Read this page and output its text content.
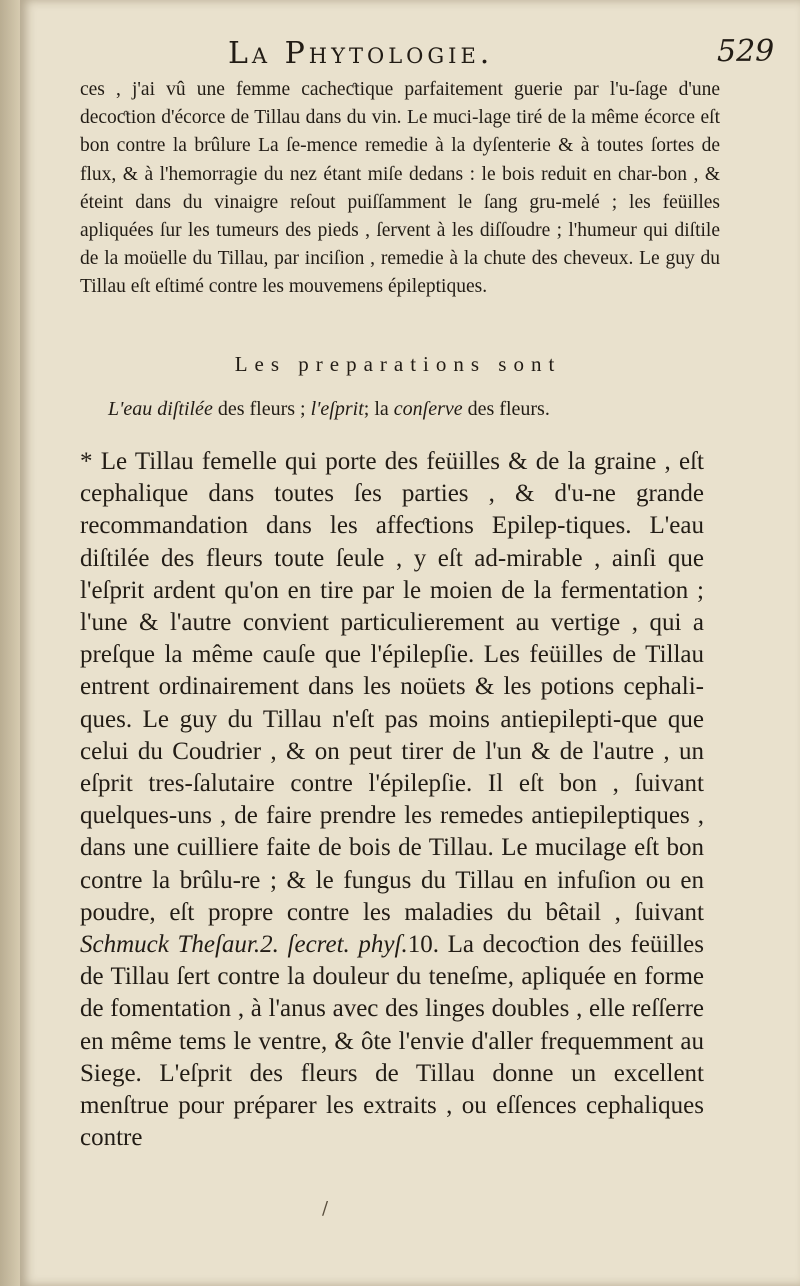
La Phytologie.	529
ces , j'ai vû une femme cacheƈtique parfaitement guerie par l'u-ſage d'une decoƈtion d'écorce de Tillau dans du vin. Le muci-lage tiré de la même écorce eſt bon contre la brûlure La ſe-mence remedie à la dyſenterie & à toutes ſortes de flux, & à l'hemorragie du nez étant miſe dedans : le bois reduit en char-bon , & éteint dans du vinaigre reſout puiſſamment le ſang gru-melé ; les feüilles apliquées ſur les tumeurs des pieds , ſervent à les diſſoudre ; l'humeur qui diſtile de la moüelle du Tillau, par inciſion , remedie à la chute des cheveux. Le guy du Tillau eſt eſtimé contre les mouvemens épileptiques.
Les preparations sont
L'eau diſtilée des fleurs ; l'eſprit; la conſerve des fleurs.
* Le Tillau femelle qui porte des feüilles & de la graine , eſt cephalique dans toutes ſes parties , & d'u-ne grande recommandation dans les affeƈtions Epilep-tiques. L'eau diſtilée des fleurs toute ſeule , y eſt ad-mirable , ainſi que l'eſprit ardent qu'on en tire par le moien de la fermentation ; l'une & l'autre convient particulierement au vertige , qui a preſque la même cauſe que l'épilepſie. Les feüilles de Tillau entrent ordinairement dans les noüets & les potions cephali-ques. Le guy du Tillau n'eſt pas moins antiepilepti-que que celui du Coudrier , & on peut tirer de l'un & de l'autre , un eſprit tres-ſalutaire contre l'épilepſie. Il eſt bon , ſuivant quelques-uns , de faire prendre les remedes antiepileptiques , dans une cuilliere faite de bois de Tillau. Le mucilage eſt bon contre la brûlu-re ; & le fungus du Tillau en infuſion ou en poudre, eſt propre contre les maladies du bêtail , ſuivant Schmuck Theſaur.2. ſecret. phyſ.10. La decoƈtion des feüilles de Tillau ſert contre la douleur du teneſme, apliquée en forme de fomentation , à l'anus avec des linges doubles , elle reſſerre en même tems le ventre, & ôte l'envie d'aller frequemment au Siege. L'eſprit des fleurs de Tillau donne un excellent menſtrue pour préparer les extraits , ou eſſences cephaliques contre
/
